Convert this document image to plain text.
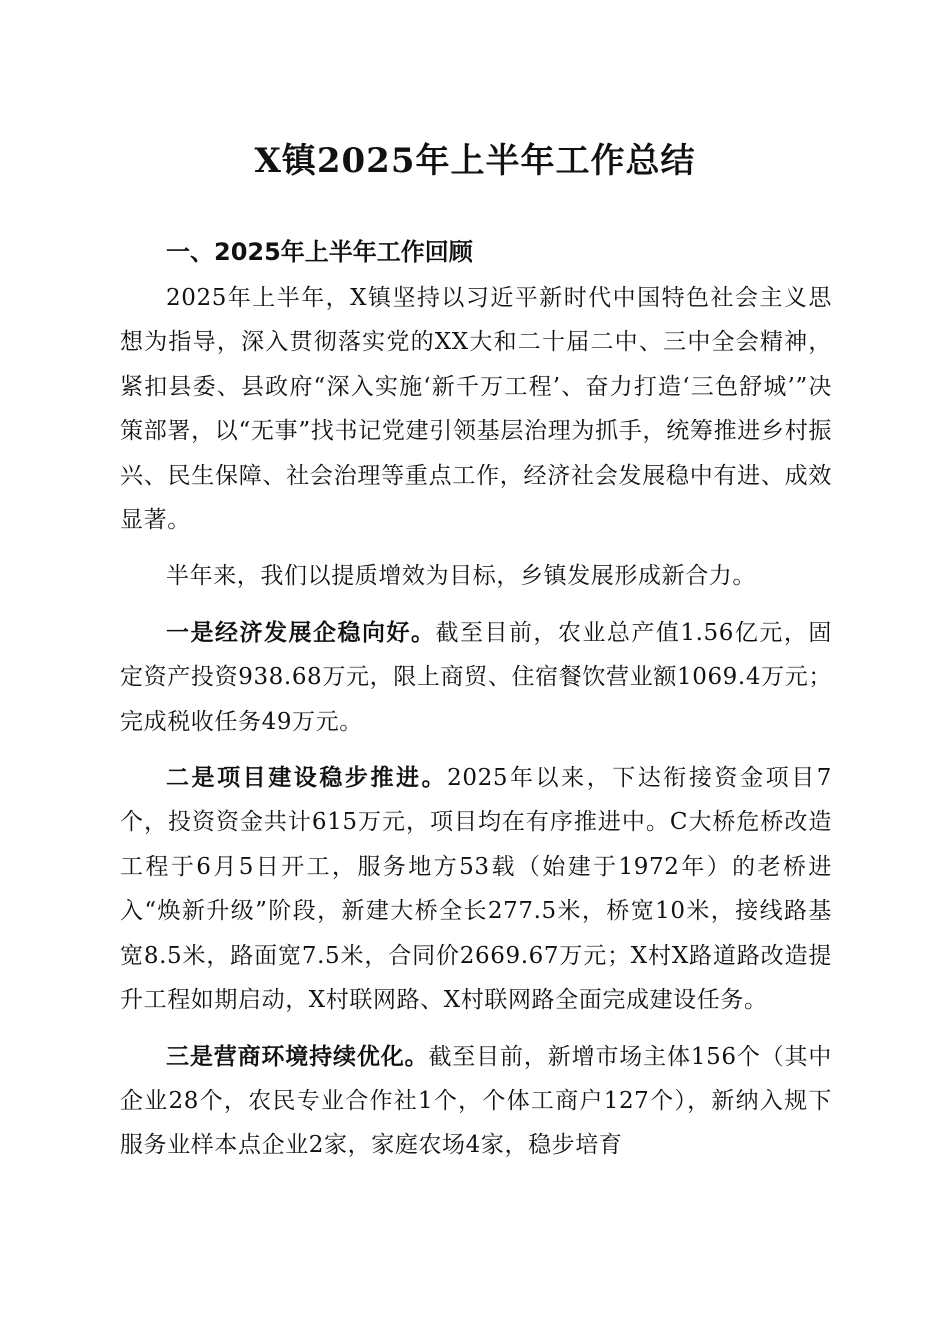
X镇2025年上半年工作总结
一、2025年上半年工作回顾

2025年上半年，X镇坚持以习近平新时代中国特色社会主义思想为指导，深入贯彻落实党的XX大和二十届二中、三中全会精神，紧扣县委、县政府“深入实施‘新千万工程’、奋力打造‘三色舒城’”决策部署，以“无事”找书记党建引领基层治理为抓手，统筹推进乡村振兴、民生保障、社会治理等重点工作，经济社会发展稳中有进、成效显著。

半年来，我们以提质增效为目标，乡镇发展形成新合力。

一是经济发展企稳向好。截至目前，农业总产值1.56亿元，固定资产投资938.68万元，限上商贸、住宿餐饮营业额1069.4万元；完成税收任务49万元。

二是项目建设稳步推进。2025年以来，下达衔接资金项目7个，投资资金共计615万元，项目均在有序推进中。C大桥危桥改造工程于6月5日开工，服务地方53载（始建于1972年）的老桥进入“焕新升级”阶段，新建大桥全长277.5米，桥宽10米，接线路基宽8.5米，路面宽7.5米，合同价2669.67万元；X村X路道路改造提升工程如期启动，X村联网路、X村联网路全面完成建设任务。

三是营商环境持续优化。截至目前，新增市场主体156个（其中企业28个，农民专业合作社1个，个体工商户127个），新纳入规下服务业样本点企业2家，家庭农场4家，稳步培育
